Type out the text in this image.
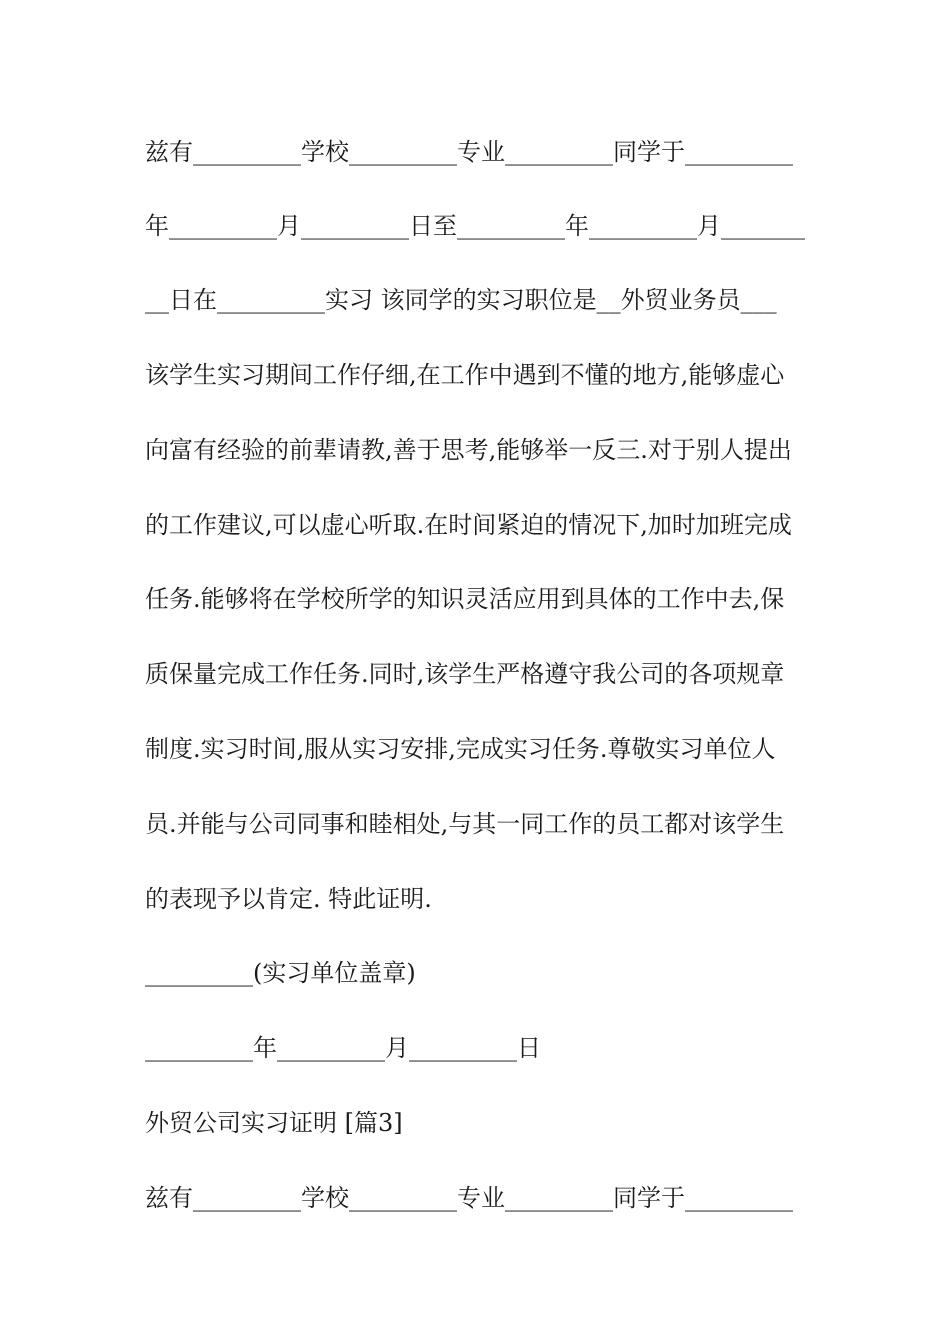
兹有_________学校_________专业_________同学于_________
年_________月_________日至_________年_________月_______
__日在_________实习 该同学的实习职位是__外贸业务员___
该学生实习期间工作仔细,在工作中遇到不懂的地方,能够虚心
向富有经验的前辈请教,善于思考,能够举一反三.对于别人提出
的工作建议,可以虚心听取.在时间紧迫的情况下,加时加班完成
任务.能够将在学校所学的知识灵活应用到具体的工作中去,保
质保量完成工作任务.同时,该学生严格遵守我公司的各项规章
制度.实习时间,服从实习安排,完成实习任务.尊敬实习单位人
员.并能与公司同事和睦相处,与其一同工作的员工都对该学生
的表现予以肯定. 特此证明.
_________(实习单位盖章)
_________年_________月_________日
外贸公司实习证明 [篇3]
兹有_________学校_________专业_________同学于_________
